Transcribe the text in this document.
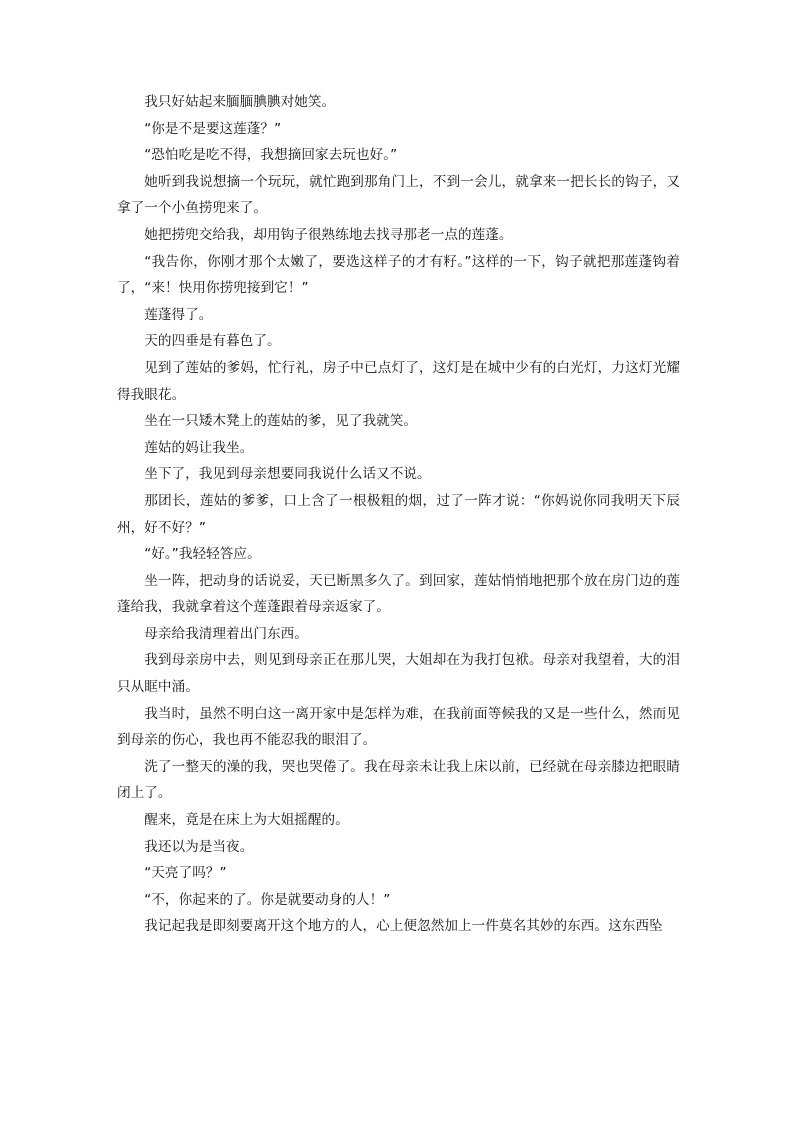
我只好姑起来腼腼腆腆对她笑。

“你是不是要这莲蓬？”

“恐怕吃是吃不得，我想摘回家去玩也好。”

她听到我说想摘一个玩玩，就忙跑到那角门上，不到一会儿，就拿来一把长长的钩子，又拿了一个小鱼捞兜来了。

她把捞兜交给我，却用钩子很熟练地去找寻那老一点的莲蓬。

“我告你，你刚才那个太嫩了，要选这样子的才有籽。”这样的一下，钩子就把那莲蓬钩着了，“来！快用你捞兜接到它！”

莲蓬得了。

天的四垂是有暮色了。

见到了莲姑的爹妈，忙行礼，房子中已点灯了，这灯是在城中少有的白光灯，力这灯光耀得我眼花。

坐在一只矮木凳上的莲姑的爹，见了我就笑。

莲姑的妈让我坐。

坐下了，我见到母亲想要同我说什么话又不说。

那团长，莲姑的爹爹，口上含了一根极粗的烟，过了一阵才说：“你妈说你同我明天下辰州，好不好？”

“好。”我轻轻答应。

坐一阵，把动身的话说妥，天已断黑多久了。到回家，莲姑悄悄地把那个放在房门边的莲蓬给我，我就拿着这个莲蓬跟着母亲返家了。

母亲给我清理着出门东西。

我到母亲房中去，则见到母亲正在那儿哭，大姐却在为我打包袱。母亲对我望着，大的泪只从眶中涌。

我当时，虽然不明白这一离开家中是怎样为难，在我前面等候我的又是一些什么，然而见到母亲的伤心，我也再不能忍我的眼泪了。

洗了一整天的澡的我，哭也哭倦了。我在母亲未让我上床以前，已经就在母亲膝边把眼睛闭上了。

醒来，竟是在床上为大姐摇醒的。

我还以为是当夜。

“天亮了吗？”

“不，你起来的了。你是就要动身的人！”

我记起我是即刻要离开这个地方的人，心上便忽然加上一件莫名其妙的东西。这东西坠
